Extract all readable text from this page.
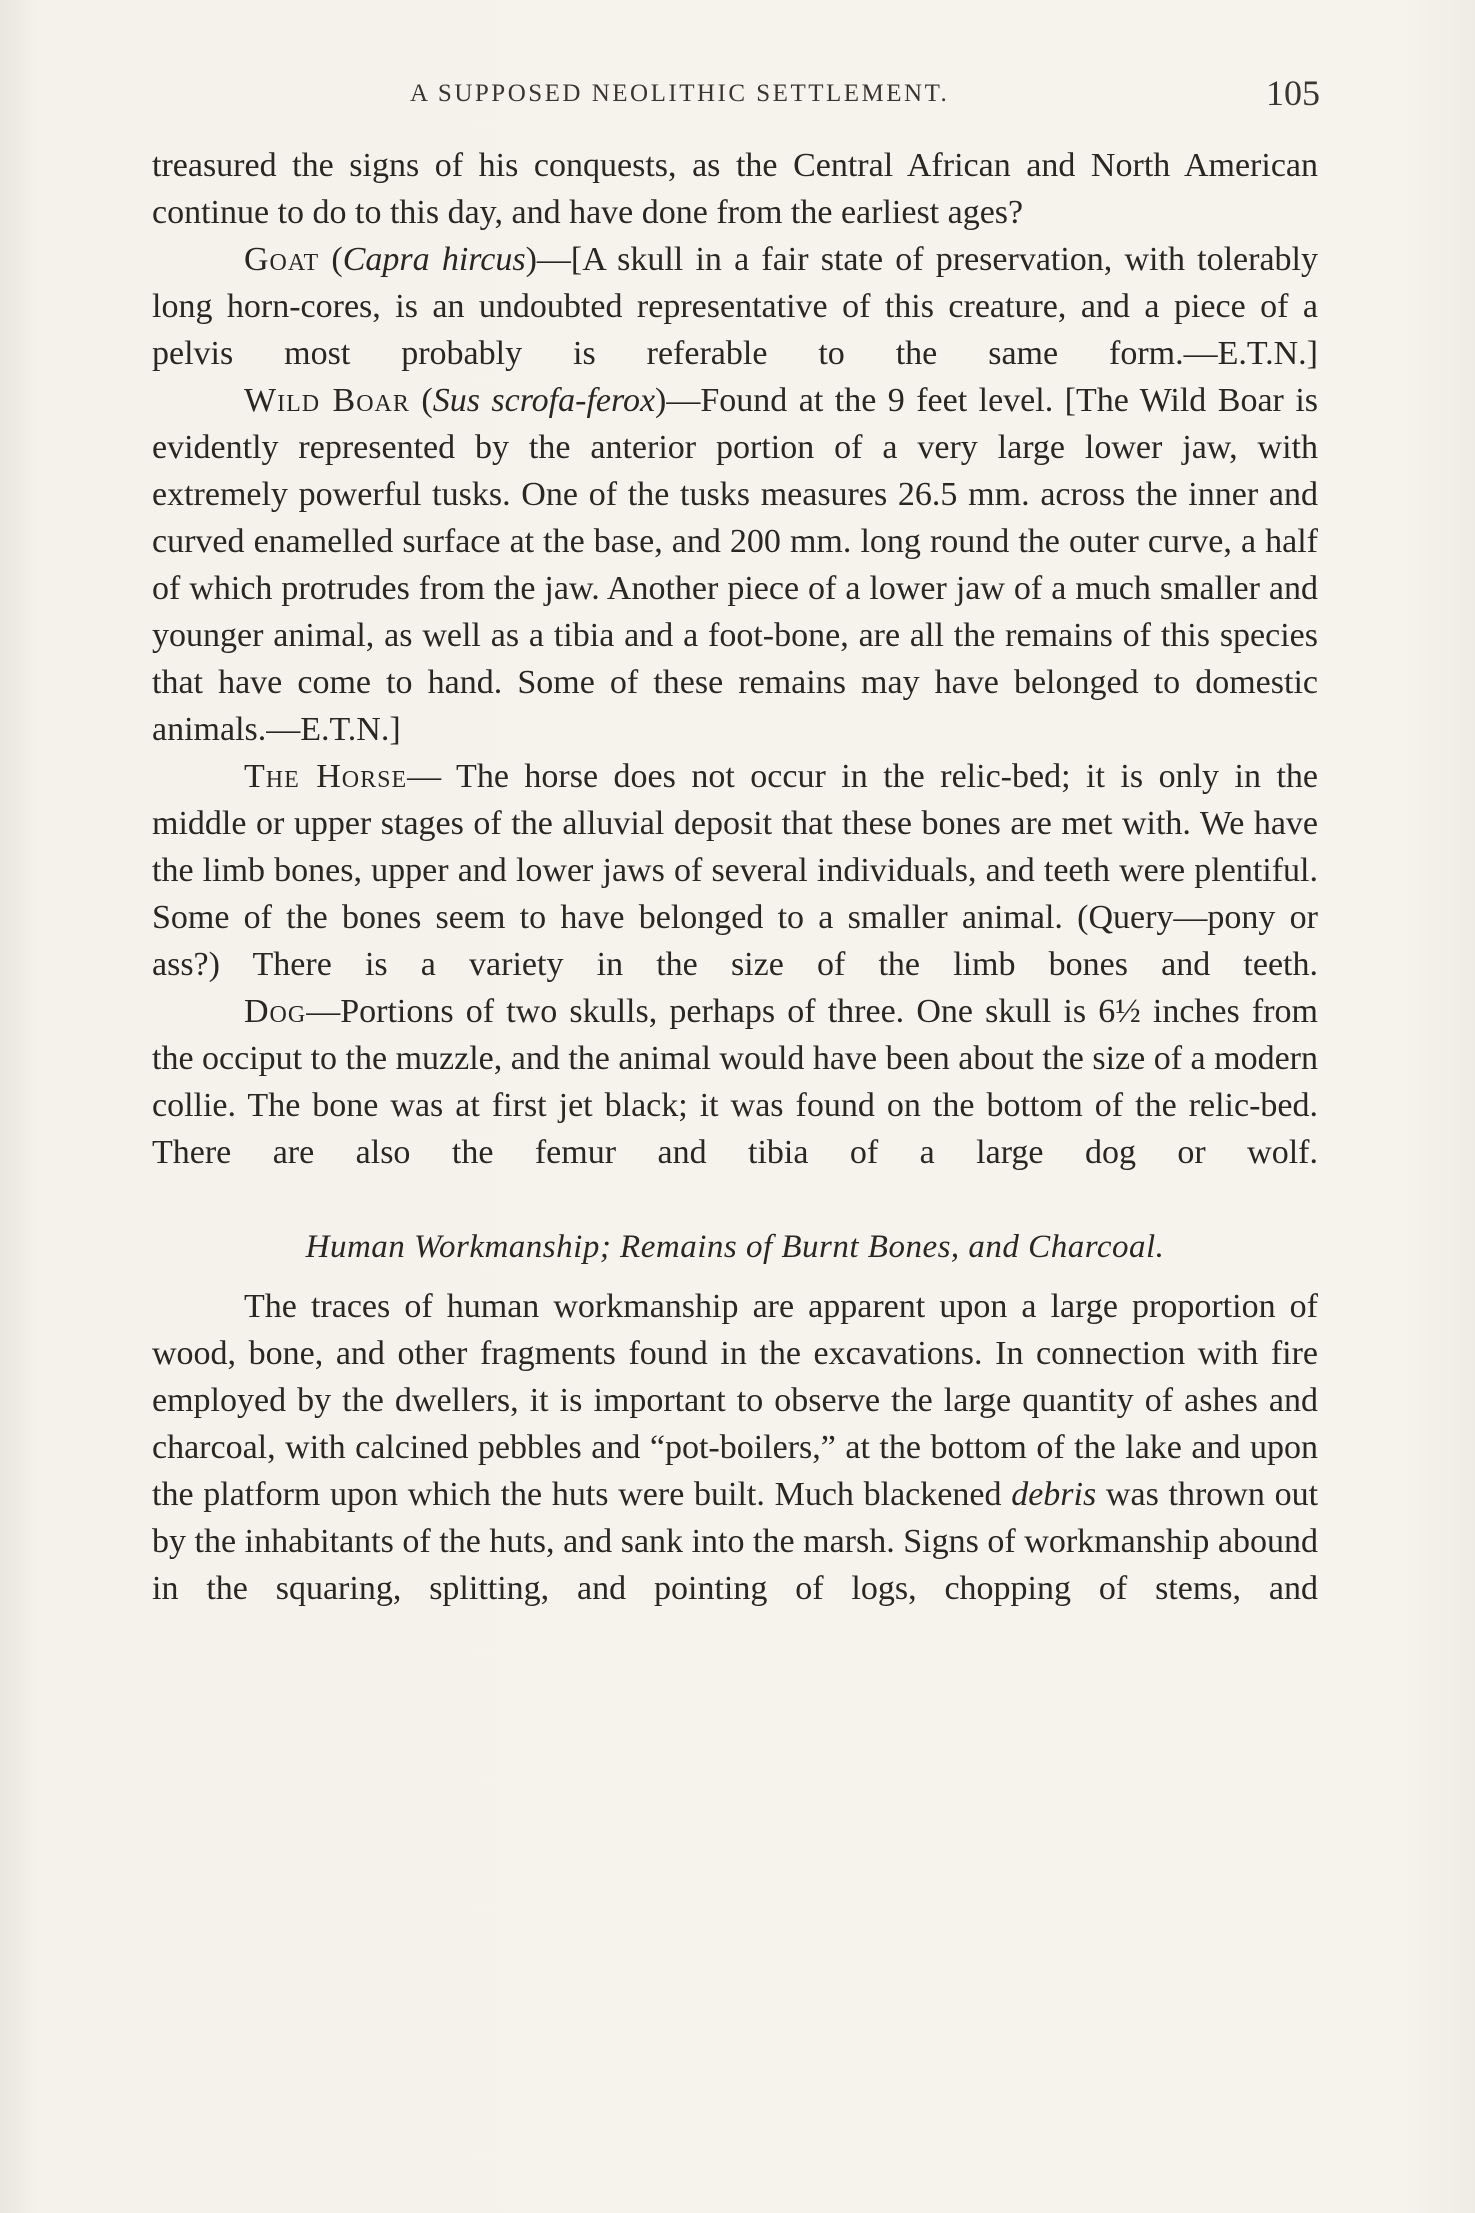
A SUPPOSED NEOLITHIC SETTLEMENT.	105

treasured the signs of his conquests, as the Central African and North American continue to do to this day, and have done from the earliest ages?

Goat (Capra hircus)—[A skull in a fair state of preservation, with tolerably long horn-cores, is an undoubted representative of this creature, and a piece of a pelvis most probably is referable to the same form.—E.T.N.]

Wild Boar (Sus scrofa-ferox)—Found at the 9 feet level. [The Wild Boar is evidently represented by the anterior portion of a very large lower jaw, with extremely powerful tusks. One of the tusks measures 26.5 mm. across the inner and curved enamelled surface at the base, and 200 mm. long round the outer curve, a half of which protrudes from the jaw. Another piece of a lower jaw of a much smaller and younger animal, as well as a tibia and a foot-bone, are all the remains of this species that have come to hand. Some of these remains may have belonged to domestic animals.—E.T.N.]

The Horse— The horse does not occur in the relic-bed; it is only in the middle or upper stages of the alluvial deposit that these bones are met with. We have the limb bones, upper and lower jaws of several individuals, and teeth were plentiful. Some of the bones seem to have belonged to a smaller animal. (Query—pony or ass?) There is a variety in the size of the limb bones and teeth.

Dog—Portions of two skulls, perhaps of three. One skull is 6½ inches from the occiput to the muzzle, and the animal would have been about the size of a modern collie. The bone was at first jet black; it was found on the bottom of the relic-bed. There are also the femur and tibia of a large dog or wolf.

Human Workmanship; Remains of Burnt Bones, and Charcoal.

The traces of human workmanship are apparent upon a large proportion of wood, bone, and other fragments found in the excavations. In connection with fire employed by the dwellers, it is important to observe the large quantity of ashes and charcoal, with calcined pebbles and “pot-boilers,” at the bottom of the lake and upon the platform upon which the huts were built. Much blackened debris was thrown out by the inhabitants of the huts, and sank into the marsh. Signs of workmanship abound in the squaring, splitting, and pointing of logs, chopping of stems, and
